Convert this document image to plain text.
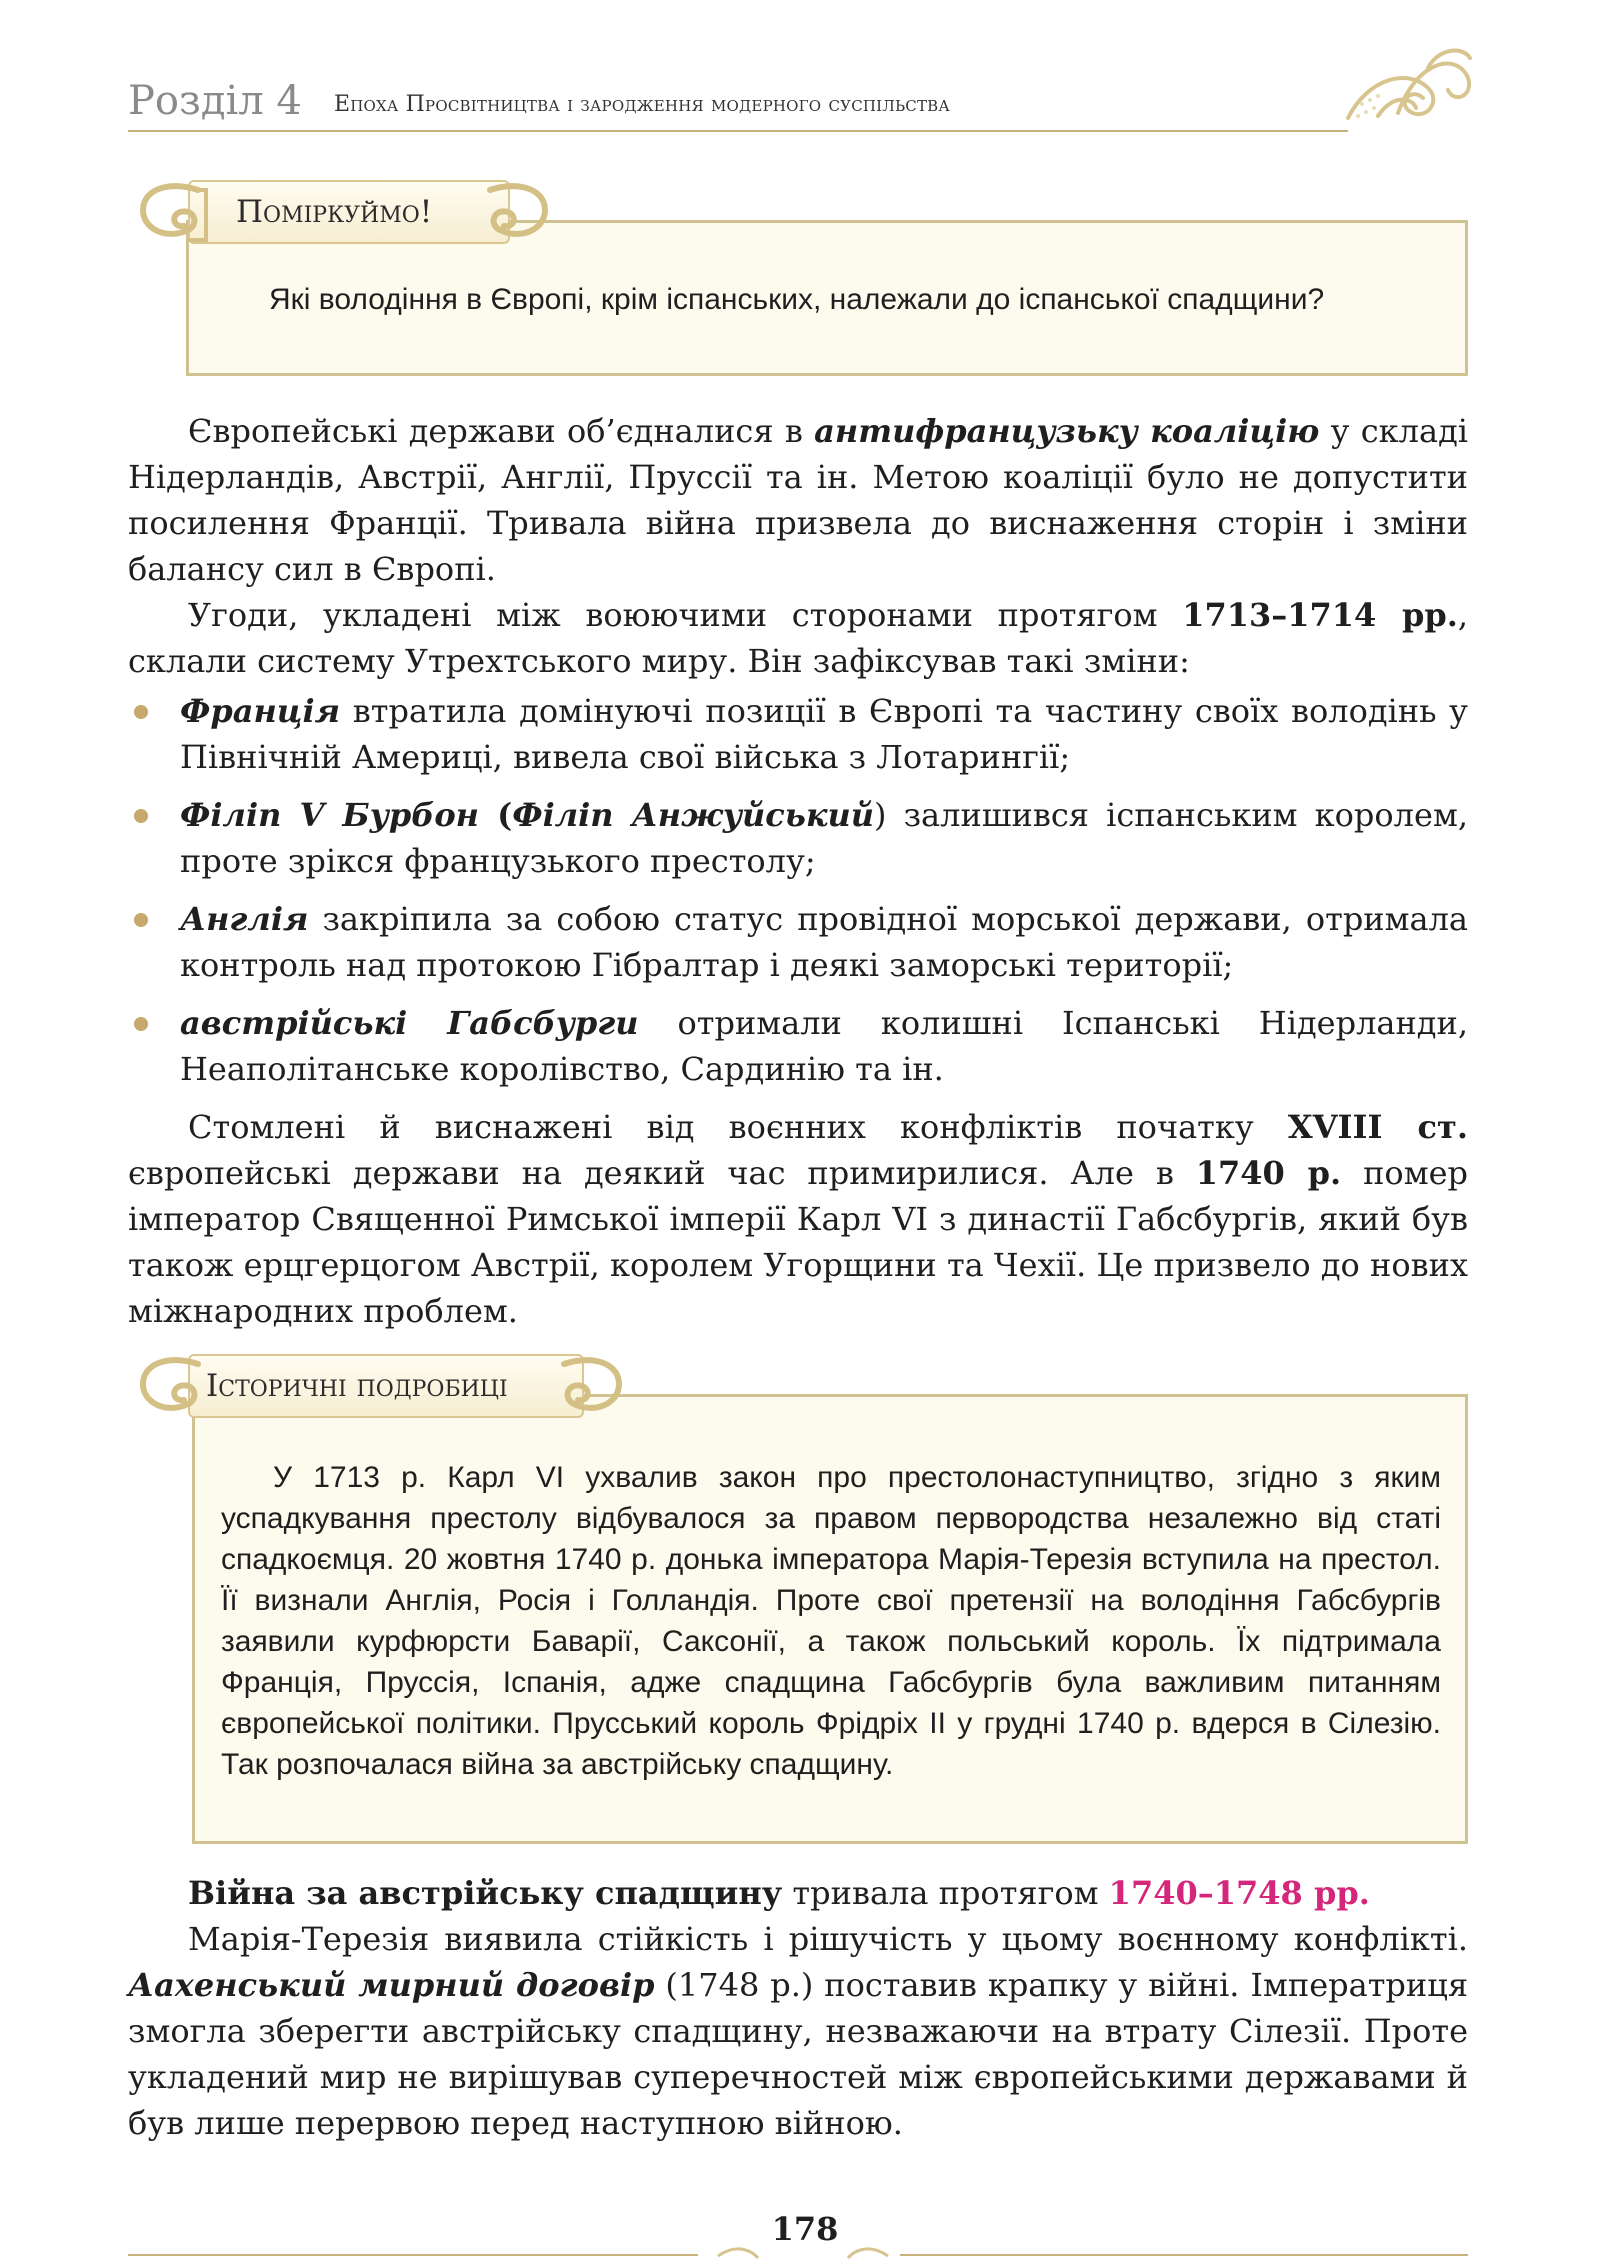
Розділ 4 Епоха Просвітництва і зародження модерного суспільства

Які володіння в Європі, крім іспанських, належали до іспанської спадщини?

Поміркуймо!

Європейські держави об’єдналися в антифранцузьку коаліцію у складі Нідерландів, Австрії, Англії, Пруссії та ін. Метою коаліції було не допустити посилення Франції. Тривала війна призвела до виснаження сторін і зміни балансу сил в Європі.

Угоди, укладені між воюючими сторонами протягом 1713–1714 рр., склали систему Утрехтського миру. Він зафіксував такі зміни:

Франція втратила домінуючі позиції в Європі та частину своїх володінь у Північній Америці, вивела свої війська з Лотарингії;
Філіп V Бурбон (Філіп Анжуйський) залишився іспанським королем, проте зрікся французького престолу;
Англія закріпила за собою статус провідної морської держави, отримала контроль над протокою Гібралтар і деякі заморські території;
австрійські Габсбурги отримали колишні Іспанські Нідерланди, Неаполітанське королівство, Сардинію та ін.

Стомлені й виснажені від воєнних конфліктів початку XVIII ст. європейські держави на деякий час примирилися. Але в 1740 р. помер імператор Священної Римської імперії Карл VI з династії Габсбургів, який був також ерцгерцогом Австрії, королем Угорщини та Чехії. Це призвело до нових міжнародних проблем.

У 1713 р. Карл VI ухвалив закон про престолонаступництво, згідно з яким успадкування престолу відбувалося за правом первородства незалежно від статі спадкоємця. 20 жовтня 1740 р. донька імператора Марія-Терезія вступила на престол. Її визнали Англія, Росія і Голландія. Проте свої претензії на володіння Габсбургів заявили курфюрсти Баварії, Саксонії, а також польський король. Їх підтримала Франція, Пруссія, Іспанія, адже спадщина Габсбургів була важливим питанням європейської політики. Прусський король Фрідріх II у грудні 1740 р. вдерся в Сілезію. Так розпочалася війна за австрійську спадщину.

Історичні подробиці

Війна за австрійську спадщину тривала протягом 1740–1748 рр.

Марія-Терезія виявила стійкість і рішучість у цьому воєнному конфлікті. Аахенський мирний договір (1748 р.) поставив крапку у війні. Імператриця змогла зберегти австрійську спадщину, незважаючи на втрату Сілезії. Проте укладений мир не вирішував суперечностей між європейськими державами й був лише перервою перед наступною війною.

178
